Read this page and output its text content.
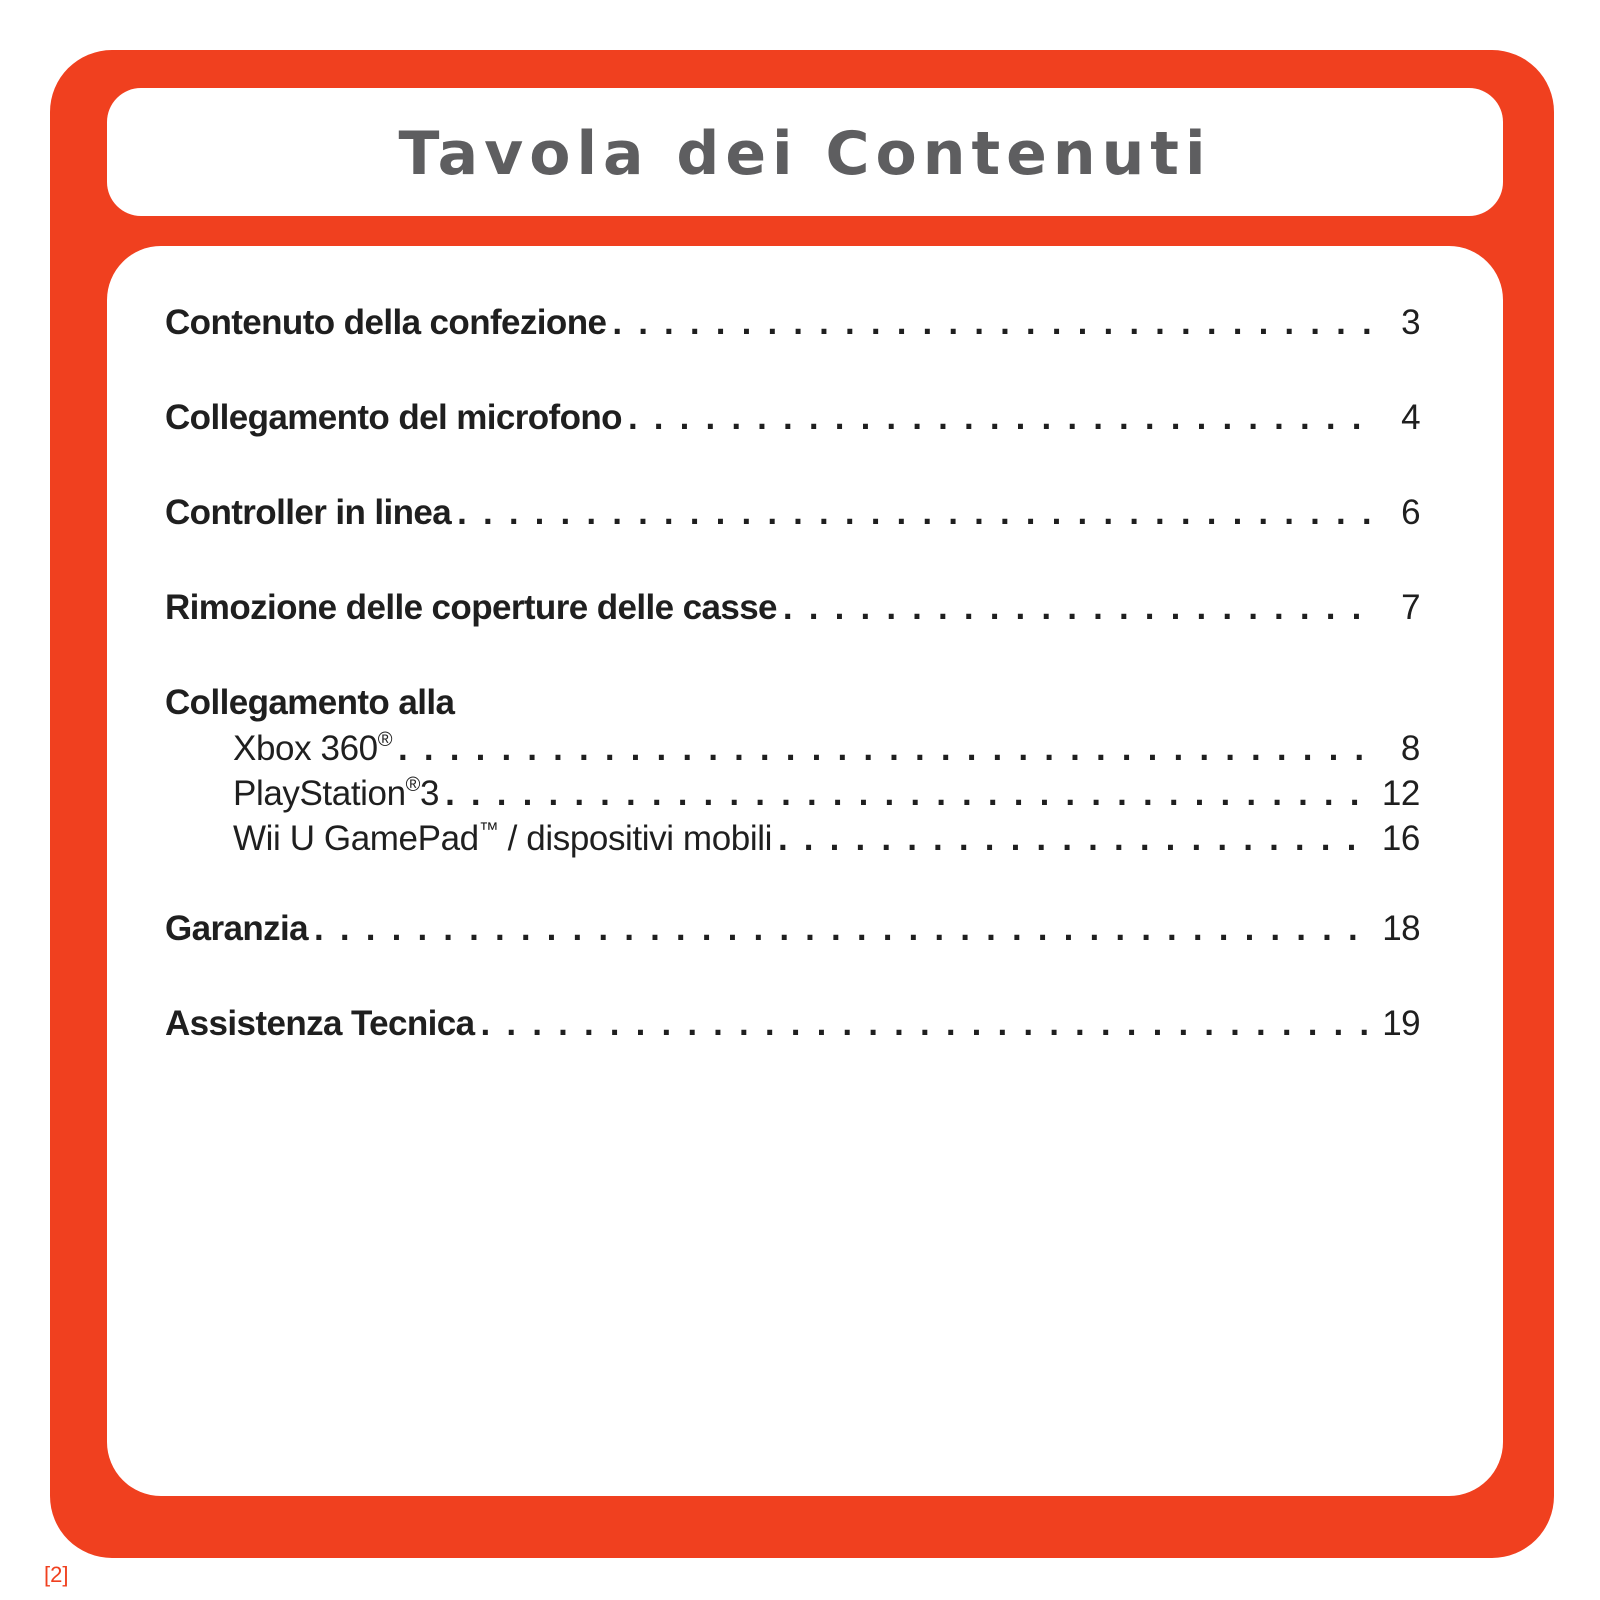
Tavola dei Contenuti
Contenuto della confezione . . .	3
Collegamento del microfono . . .	4
Controller in linea . . .	6
Rimozione delle coperture delle casse . . .	7
Collegamento alla
Xbox 360® . . .	8
PlayStation®3 . . .	12
Wii U GamePad™ / dispositivi mobili . . .	16
Garanzia . . .	18
Assistenza Tecnica . . .	19
[2]
